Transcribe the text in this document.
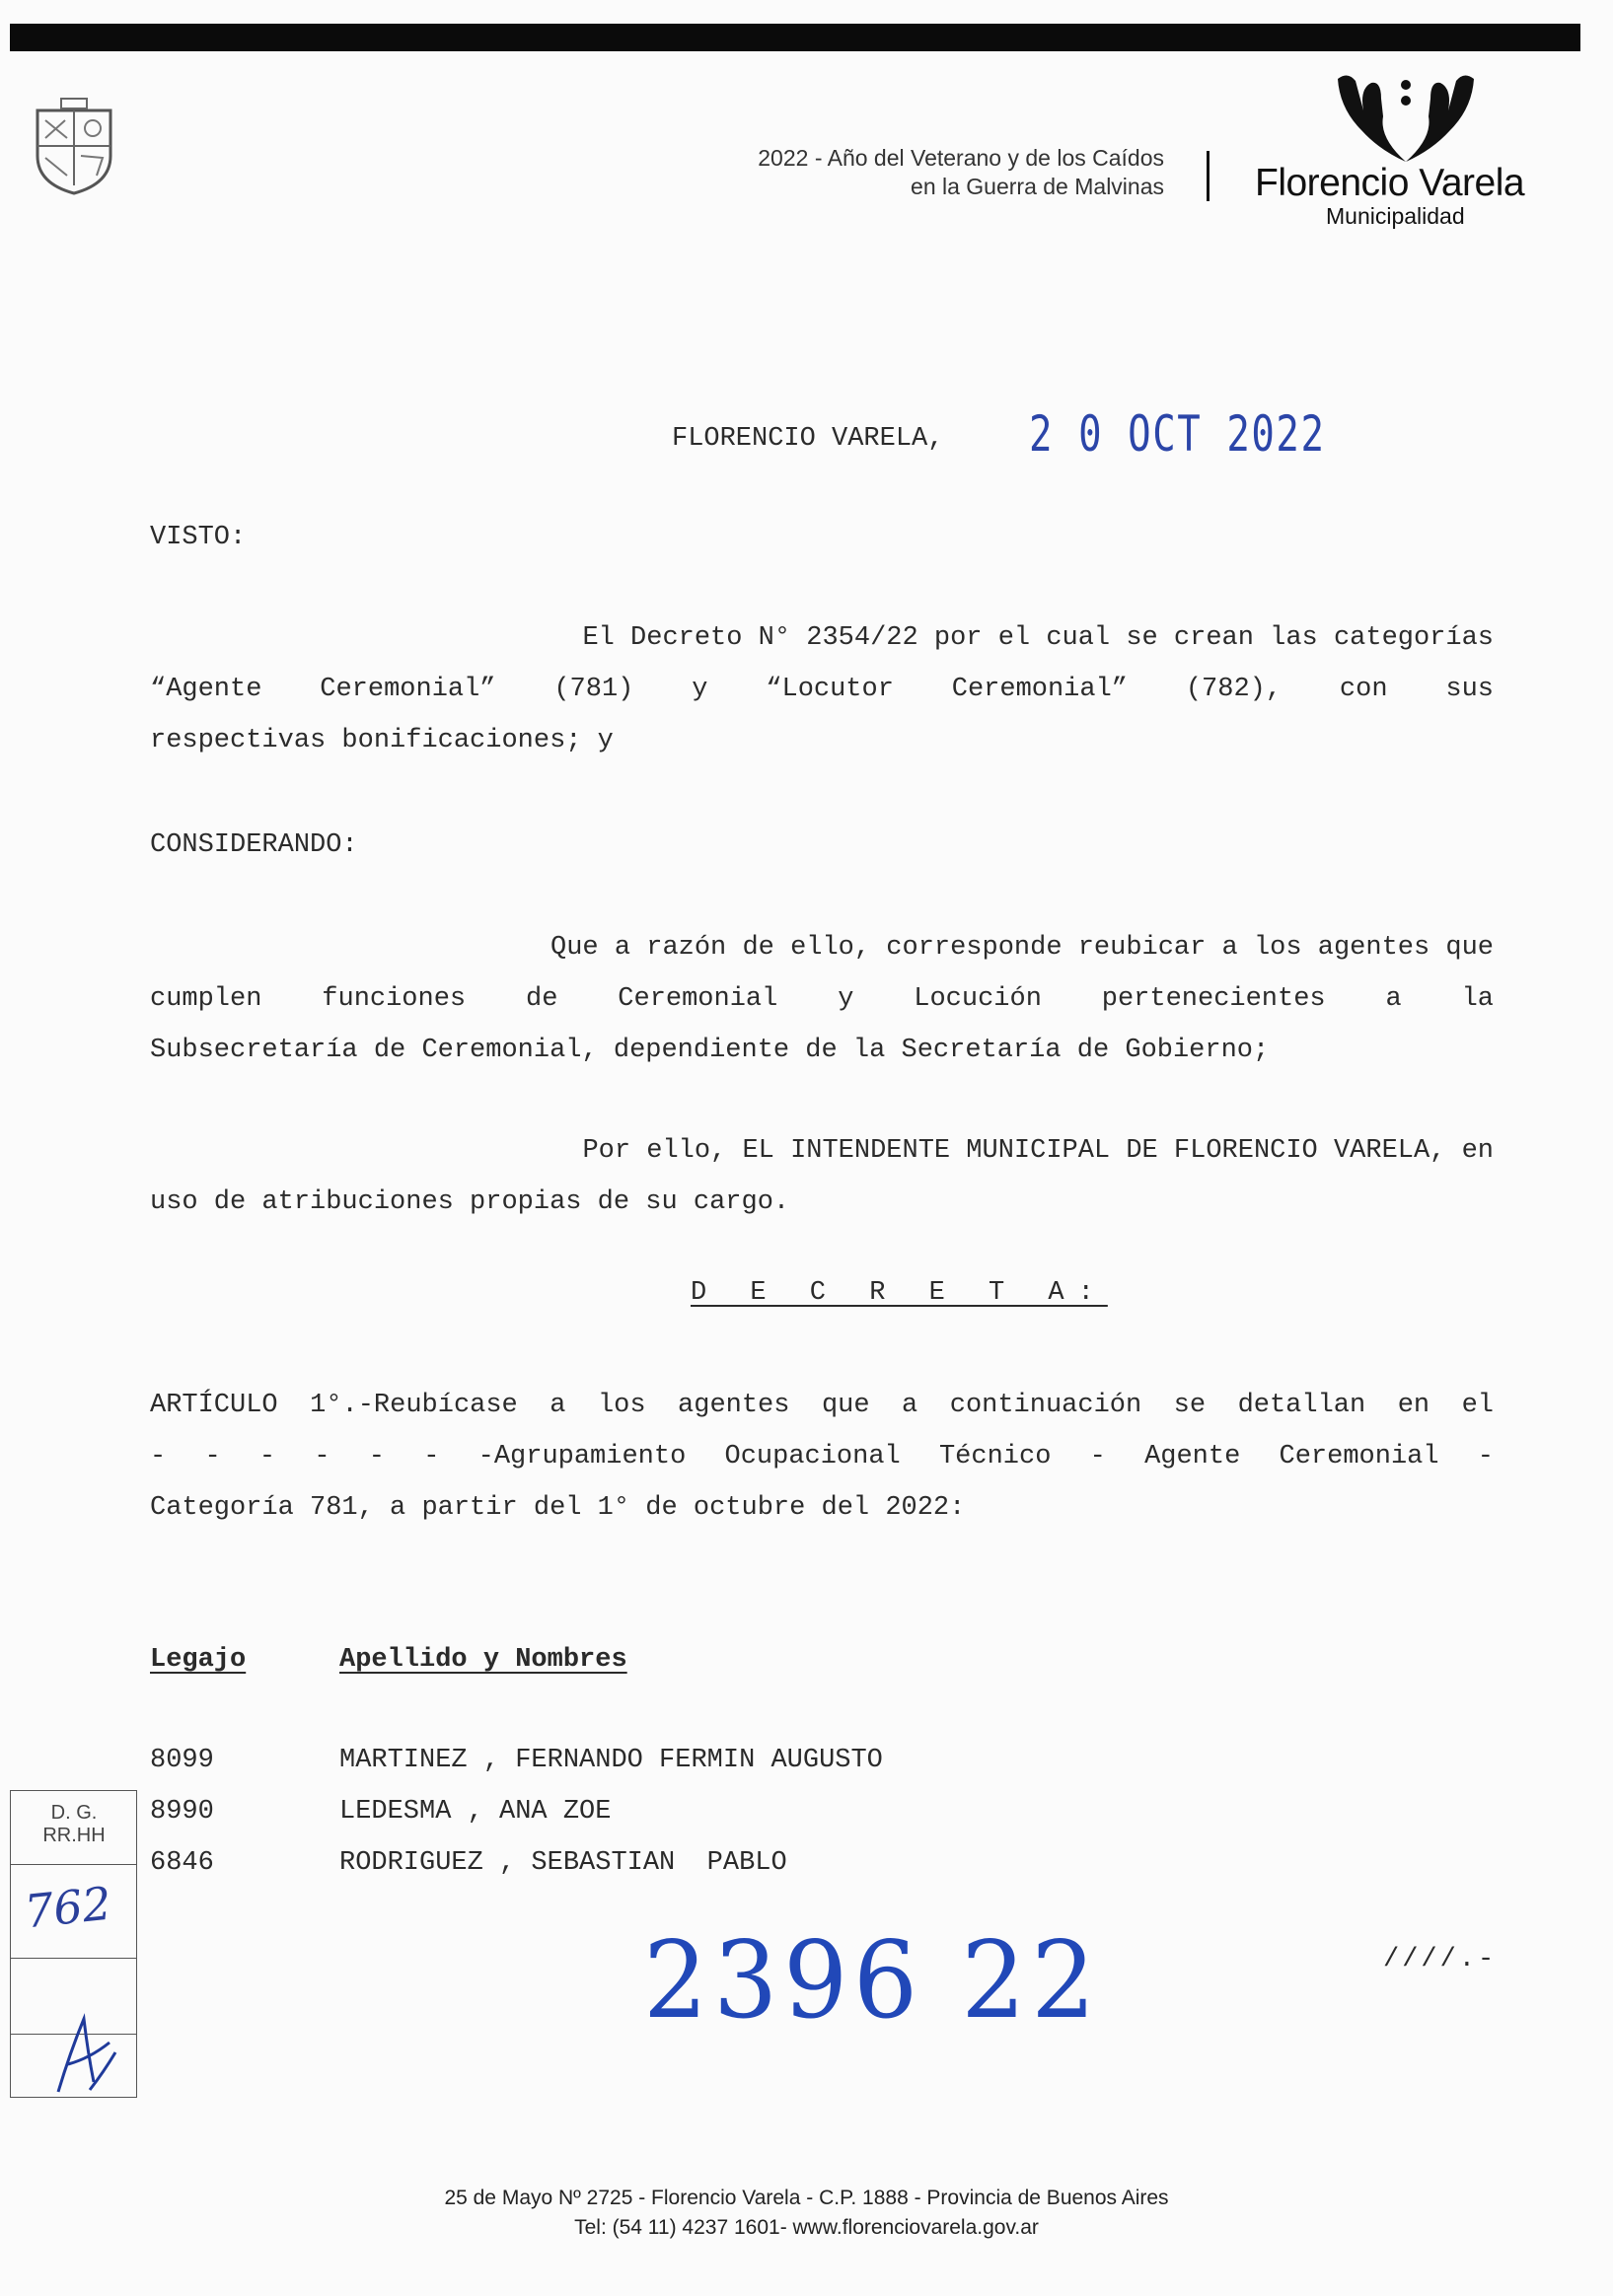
2022 - Año del Veterano y de los Caídos
en la Guerra de Malvinas Florencio Varela
Municipalidad
FLORENCIO VARELA, 2 0 OCT 2022
VISTO:
El Decreto N° 2354/22 por el cual se crean las categorías
“Agente Ceremonial” (781) y “Locutor Ceremonial” (782), con sus
respectivas bonificaciones; y
CONSIDERANDO:
Que a razón de ello, corresponde reubicar a los agentes que
cumplen funciones de Ceremonial y Locución pertenecientes a la
Subsecretaría de Ceremonial, dependiente de la Secretaría de Gobierno;
Por ello, EL INTENDENTE MUNICIPAL DE FLORENCIO VARELA, en
uso de atribuciones propias de su cargo.
D E C R E T A:
ARTÍCULO 1°.-Reubícase a los agentes que a continuación se detallan en el
- - - - - - -Agrupamiento Ocupacional Técnico - Agente Ceremonial -
Categoría 781, a partir del 1° de octubre del 2022:
Legajo	Apellido y Nombres
8099	MARTINEZ , FERNANDO FERMIN AUGUSTO
8990	LEDESMA , ANA ZOE
6846	RODRIGUEZ , SEBASTIAN  PABLO
D. G.
RR.HH
762
2396 22	////.-
25 de Mayo Nº 2725 - Florencio Varela - C.P. 1888 - Provincia de Buenos Aires
Tel: (54 11) 4237 1601- www.florenciovarela.gov.ar
